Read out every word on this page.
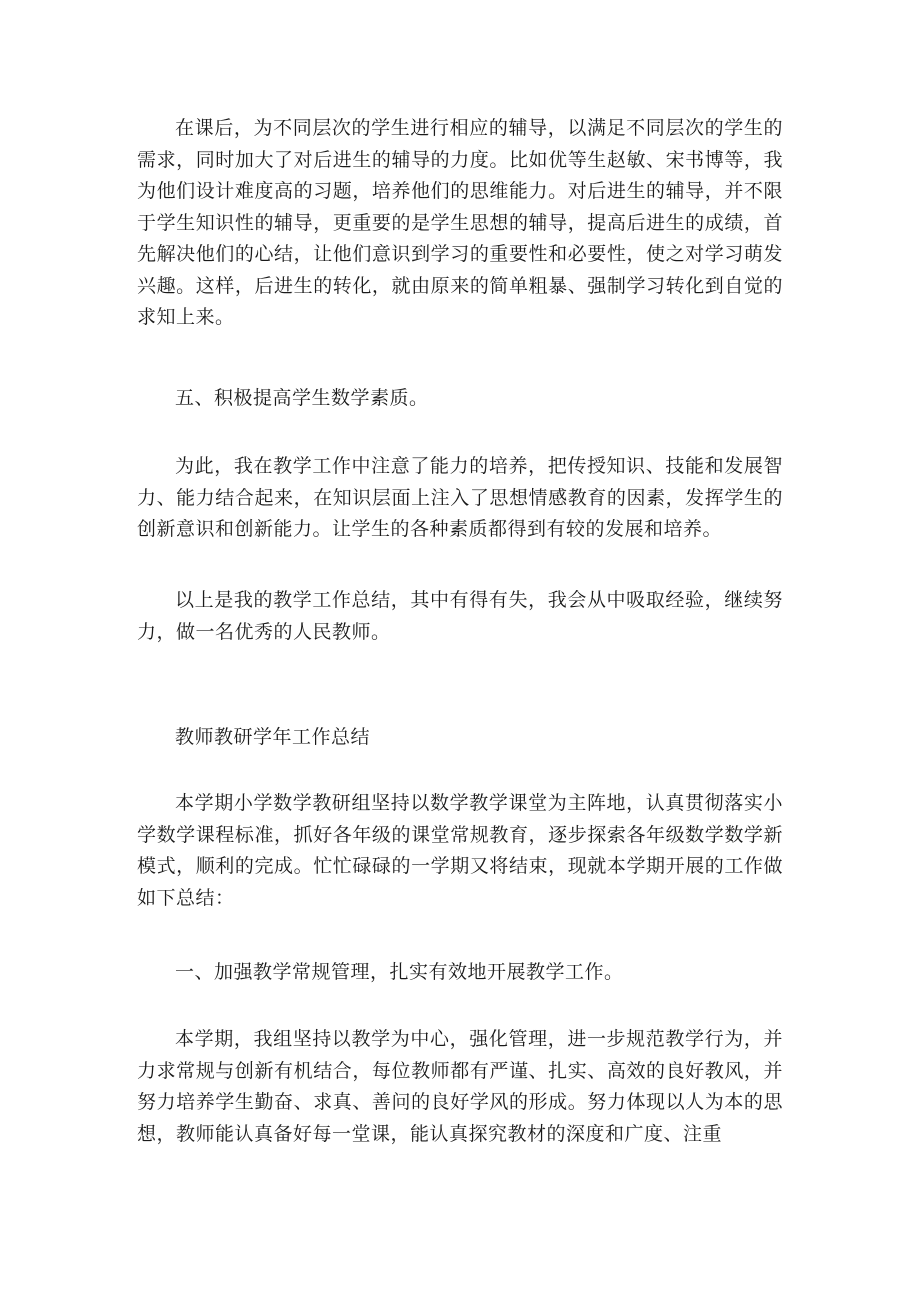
在课后，为不同层次的学生进行相应的辅导，以满足不同层次的学生的需求，同时加大了对后进生的辅导的力度。比如优等生赵敏、宋书博等，我为他们设计难度高的习题，培养他们的思维能力。对后进生的辅导，并不限于学生知识性的辅导，更重要的是学生思想的辅导，提高后进生的成绩，首先解决他们的心结，让他们意识到学习的重要性和必要性，使之对学习萌发兴趣。这样，后进生的转化，就由原来的简单粗暴、强制学习转化到自觉的求知上来。

五、积极提高学生数学素质。

为此，我在教学工作中注意了能力的培养，把传授知识、技能和发展智力、能力结合起来，在知识层面上注入了思想情感教育的因素，发挥学生的创新意识和创新能力。让学生的各种素质都得到有较的发展和培养。

以上是我的教学工作总结，其中有得有失，我会从中吸取经验，继续努力，做一名优秀的人民教师。

教师教研学年工作总结

本学期小学数学教研组坚持以数学教学课堂为主阵地，认真贯彻落实小学数学课程标准，抓好各年级的课堂常规教育，逐步探索各年级数学数学新模式，顺利的完成。忙忙碌碌的一学期又将结束，现就本学期开展的工作做如下总结：

一、加强教学常规管理，扎实有效地开展教学工作。

本学期，我组坚持以教学为中心，强化管理，进一步规范教学行为，并力求常规与创新有机结合，每位教师都有严谨、扎实、高效的良好教风，并努力培养学生勤奋、求真、善问的良好学风的形成。努力体现以人为本的思想，教师能认真备好每一堂课，能认真探究教材的深度和广度、注重
